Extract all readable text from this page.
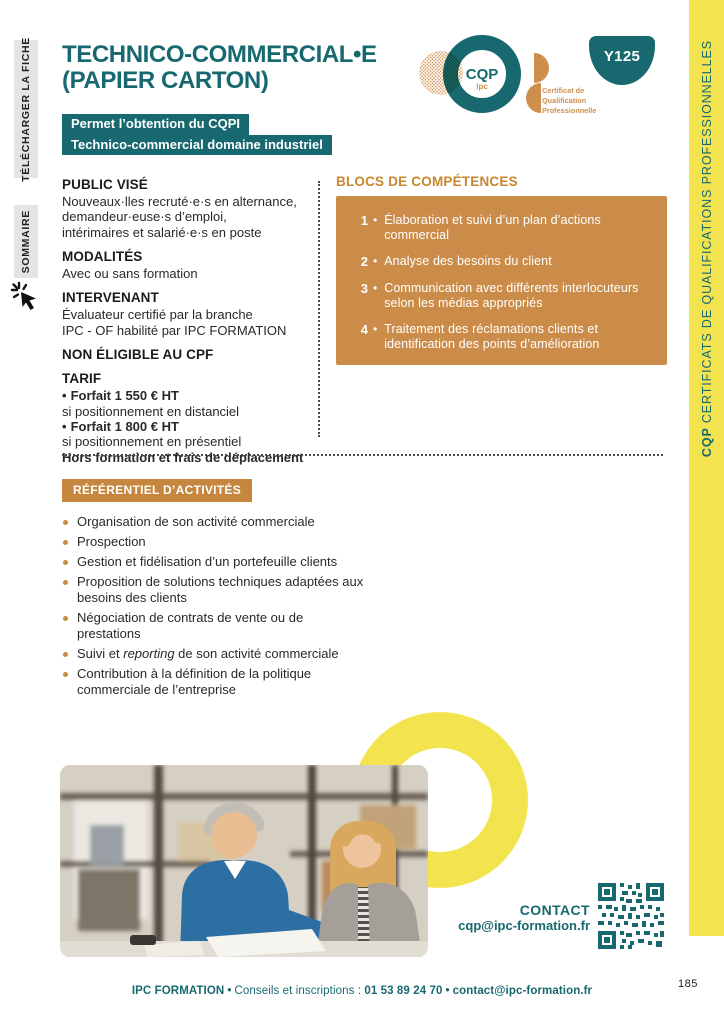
TÉLÉCHARGER LA FICHE
SOMMAIRE
CQP CERTIFICATS DE QUALIFICATIONS PROFESSIONNELLES
TECHNICO-COMMERCIAL•E
(PAPIER CARTON)
Permet l’obtention du CQPI
Technico-commercial domaine industriel
CQP
ipc	Certificat de
Qualification
Professionnelle
Y125
PUBLIC VISÉ

Nouveaux·lles recruté·e·s en alternance,

demandeur·euse·s d’emploi,

intérimaires et salarié·e·s en poste

MODALITÉS

Avec ou sans formation

INTERVENANT

Évaluateur certifié par la branche

IPC - OF habilité par IPC FORMATION

NON ÉLIGIBLE AU CPF
TARIF
• Forfait 1 550 € HT

si positionnement en distanciel

• Forfait 1 800 € HT

si positionnement en présentiel

Hors formation et frais de déplacement

BLOCS DE COMPÉTENCES
1 • Élaboration et suivi d’un plan d’actions
commercial
2 • Analyse des besoins du client
3 • Communication avec différents interlocuteurs
selon les médias appropriés
4 • Traitement des réclamations clients et
identification des points d’amélioration
RÉFÉRENTIEL D’ACTIVITÉS
Organisation de son activité commerciale
Prospection
Gestion et fidélisation d’un portefeuille clients
Proposition de solutions techniques adaptées aux besoins des clients
Négociation de contrats de vente ou de prestations
Suivi et reporting de son activité commerciale
Contribution à la définition de la politique commerciale de l’entreprise
CONTACT
cqp@ipc-formation.fr
IPC FORMATION • Conseils et inscriptions : 01 53 89 24 70 • contact@ipc-formation.fr
185
